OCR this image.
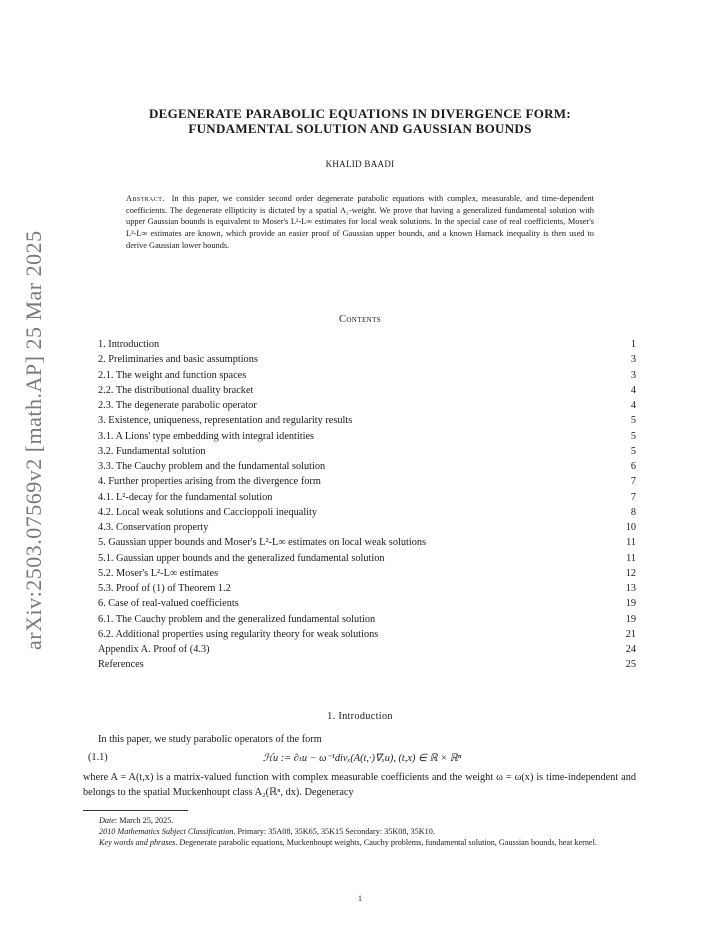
arXiv:2503.07569v2 [math.AP] 25 Mar 2025
DEGENERATE PARABOLIC EQUATIONS IN DIVERGENCE FORM:
FUNDAMENTAL SOLUTION AND GAUSSIAN BOUNDS
KHALID BAADI
Abstract. In this paper, we consider second order degenerate parabolic equations with complex, measurable, and time-dependent coefficients. The degenerate ellipticity is dictated by a spatial A₂-weight. We prove that having a generalized fundamental solution with upper Gaussian bounds is equivalent to Moser's L²-L∞ estimates for local weak solutions. In the special case of real coefficients, Moser's L²-L∞ estimates are known, which provide an easier proof of Gaussian upper bounds, and a known Harnack inequality is then used to derive Gaussian lower bounds.
Contents
1. Introduction	1
2. Preliminaries and basic assumptions	3
2.1. The weight and function spaces	3
2.2. The distributional duality bracket	4
2.3. The degenerate parabolic operator	4
3. Existence, uniqueness, representation and regularity results	5
3.1. A Lions' type embedding with integral identities	5
3.2. Fundamental solution	5
3.3. The Cauchy problem and the fundamental solution	6
4. Further properties arising from the divergence form	7
4.1. L²-decay for the fundamental solution	7
4.2. Local weak solutions and Caccioppoli inequality	8
4.3. Conservation property	10
5. Gaussian upper bounds and Moser's L²-L∞ estimates on local weak solutions	11
5.1. Gaussian upper bounds and the generalized fundamental solution	11
5.2. Moser's L²-L∞ estimates	12
5.3. Proof of (1) of Theorem 1.2	13
6. Case of real-valued coefficients	19
6.1. The Cauchy problem and the generalized fundamental solution	19
6.2. Additional properties using regularity theory for weak solutions	21
Appendix A. Proof of (4.3)	24
References	25
1. Introduction
In this paper, we study parabolic operators of the form
ℋu := ∂ₜu − ω⁻¹divₓ(A(t,·)∇ₓu), (t,x) ∈ ℝ × ℝⁿ
(1.1)
where A = A(t,x) is a matrix-valued function with complex measurable coefficients and the weight ω = ω(x) is time-independent and belongs to the spatial Muckenhoupt class A₂(ℝⁿ, dx). Degeneracy
Date: March 25, 2025.
2010 Mathematics Subject Classification. Primary: 35A08, 35K65, 35K15 Secondary: 35K08, 35K10.
Key words and phrases. Degenerate parabolic equations, Muckenhoupt weights, Cauchy problems, fundamental solution, Gaussian bounds, heat kernel.
1
